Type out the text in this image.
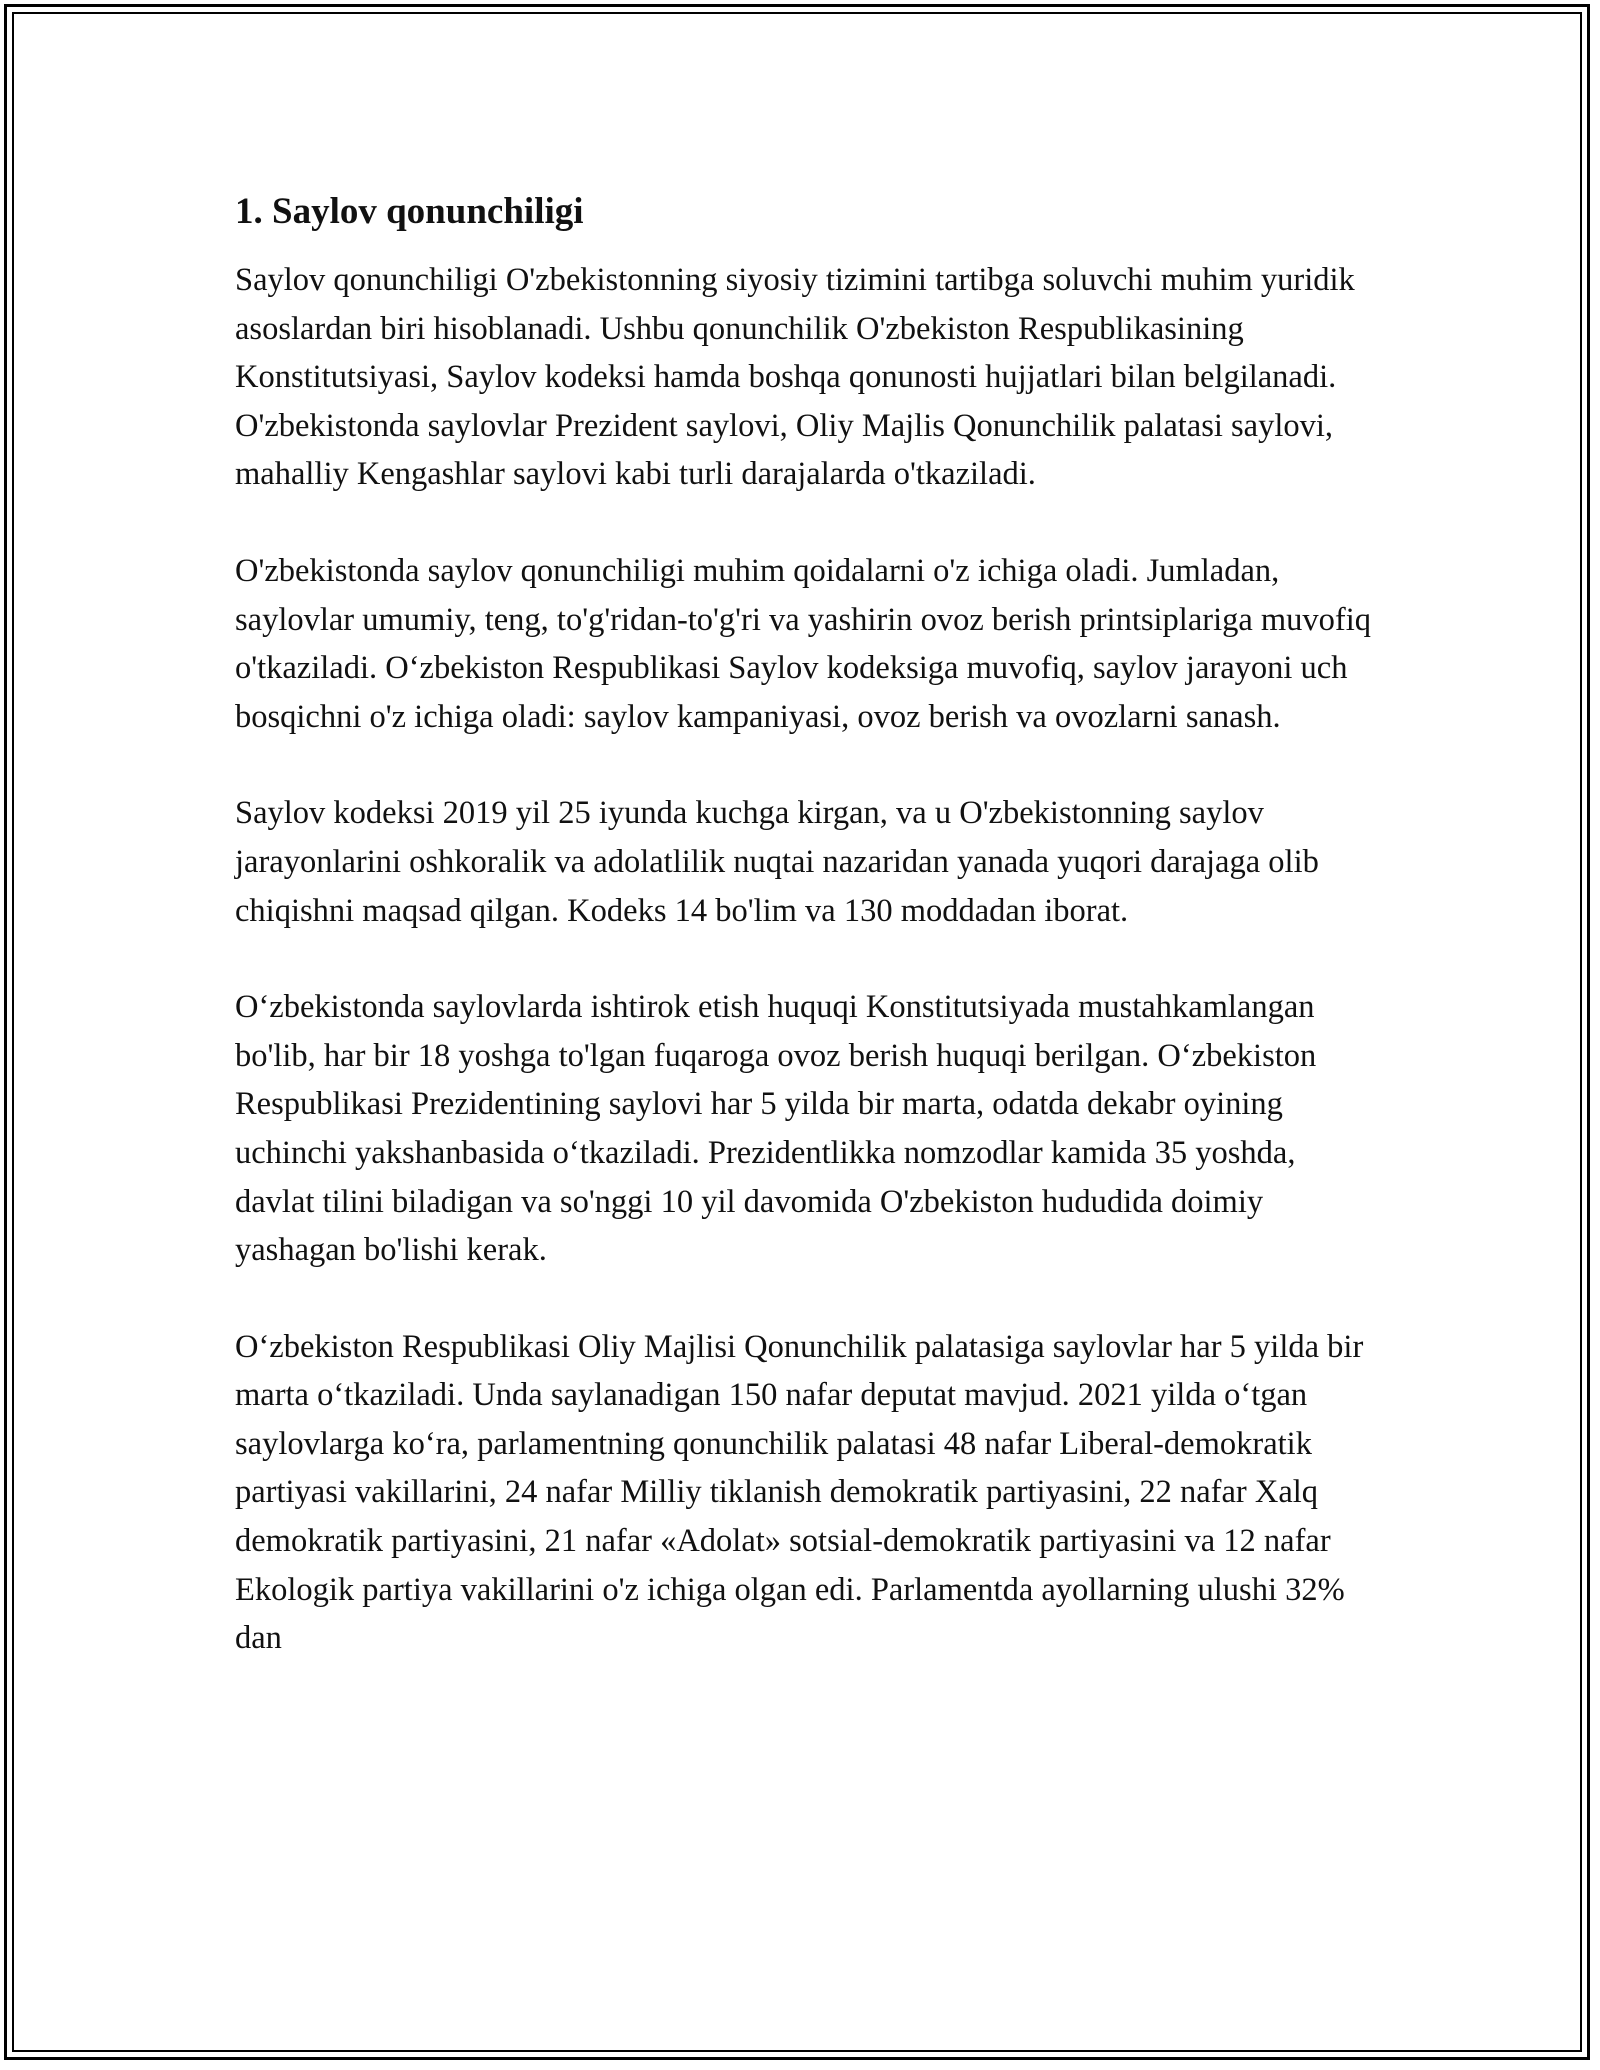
1. Saylov qonunchiligi

Saylov qonunchiligi O'zbekistonning siyosiy tizimini tartibga soluvchi muhim yuridik asoslardan biri hisoblanadi. Ushbu qonunchilik O'zbekiston Respublikasining Konstitutsiyasi, Saylov kodeksi hamda boshqa qonunosti hujjatlari bilan belgilanadi. O'zbekistonda saylovlar Prezident saylovi, Oliy Majlis Qonunchilik palatasi saylovi, mahalliy Kengashlar saylovi kabi turli darajalarda o'tkaziladi.

O'zbekistonda saylov qonunchiligi muhim qoidalarni o'z ichiga oladi. Jumladan, saylovlar umumiy, teng, to'g'ridan-to'g'ri va yashirin ovoz berish printsiplariga muvofiq o'tkaziladi. O‘zbekiston Respublikasi Saylov kodeksiga muvofiq, saylov jarayoni uch bosqichni o'z ichiga oladi: saylov kampaniyasi, ovoz berish va ovozlarni sanash.

Saylov kodeksi 2019 yil 25 iyunda kuchga kirgan, va u O'zbekistonning saylov jarayonlarini oshkoralik va adolatlilik nuqtai nazaridan yanada yuqori darajaga olib chiqishni maqsad qilgan. Kodeks 14 bo'lim va 130 moddadan iborat.

O‘zbekistonda saylovlarda ishtirok etish huquqi Konstitutsiyada mustahkamlangan bo'lib, har bir 18 yoshga to'lgan fuqaroga ovoz berish huquqi berilgan. O‘zbekiston Respublikasi Prezidentining saylovi har 5 yilda bir marta, odatda dekabr oyining uchinchi yakshanbasida o‘tkaziladi. Prezidentlikka nomzodlar kamida 35 yoshda, davlat tilini biladigan va so'nggi 10 yil davomida O'zbekiston hududida doimiy yashagan bo'lishi kerak.

O‘zbekiston Respublikasi Oliy Majlisi Qonunchilik palatasiga saylovlar har 5 yilda bir marta o‘tkaziladi. Unda saylanadigan 150 nafar deputat mavjud. 2021 yilda o‘tgan saylovlarga ko‘ra, parlamentning qonunchilik palatasi 48 nafar Liberal-demokratik partiyasi vakillarini, 24 nafar Milliy tiklanish demokratik partiyasini, 22 nafar Xalq demokratik partiyasini, 21 nafar «Adolat» sotsial-demokratik partiyasini va 12 nafar Ekologik partiya vakillarini o'z ichiga olgan edi. Parlamentda ayollarning ulushi 32% dan
